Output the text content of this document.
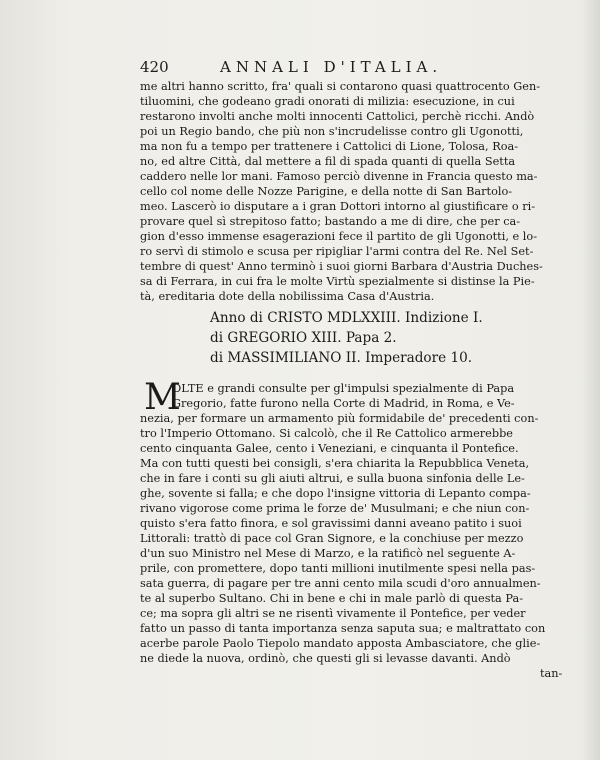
420	ANNALI D'ITALIA.
me altri hanno scritto, fra' quali si contarono quasi quattrocento Gen-
tiluomini, che godeano gradi onorati di milizia: esecuzione, in cui
restarono involti anche molti innocenti Cattolici, perchè ricchi. Andò
poi un Regio bando, che più non s'incrudelisse contro gli Ugonotti,
ma non fu a tempo per trattenere i Cattolici di Lione, Tolosa, Roa-
no, ed altre Città, dal mettere a fil di spada quanti di quella Setta
caddero nelle lor mani. Famoso perciò divenne in Francia questo ma-
cello col nome delle Nozze Parigine, e della notte di San Bartolo-
meo. Lascerò io disputare a i gran Dottori intorno al giustificare o ri-
provare quel sì strepitoso fatto; bastando a me di dire, che per ca-
gion d'esso immense esagerazioni fece il partito de gli Ugonotti, e lo-
ro servì di stimolo e scusa per ripigliar l'armi contra del Re. Nel Set-
tembre di quest' Anno terminò i suoi giorni Barbara d'Austria Duches-
sa di Ferrara, in cui fra le molte Virtù spezialmente si distinse la Pie-
tà, ereditaria dote della nobilissima Casa d'Austria.
Anno di CRISTO MDLXXIII. Indizione I.
di GREGORIO XIII. Papa 2.
di MASSIMILIANO II. Imperadore 10.
M
OLTE e grandi consulte per gl'impulsi spezialmente di Papa
Gregorio, fatte furono nella Corte di Madrid, in Roma, e Ve-
nezia, per formare un armamento più formidabile de' precedenti con-
tro l'Imperio Ottomano. Si calcolò, che il Re Cattolico armerebbe
cento cinquanta Galee, cento i Veneziani, e cinquanta il Pontefice.
Ma con tutti questi bei consigli, s'era chiarita la Repubblica Veneta,
che in fare i conti su gli aiuti altrui, e sulla buona sinfonia delle Le-
ghe, sovente si falla; e che dopo l'insigne vittoria di Lepanto compa-
rivano vigorose come prima le forze de' Musulmani; e che niun con-
quisto s'era fatto finora, e sol gravissimi danni aveano patito i suoi
Littorali: trattò di pace col Gran Signore, e la conchiuse per mezzo
d'un suo Ministro nel Mese di Marzo, e la ratificò nel seguente A-
prile, con promettere, dopo tanti millioni inutilmente spesi nella pas-
sata guerra, di pagare per tre anni cento mila scudi d'oro annualmen-
te al superbo Sultano. Chi in bene e chi in male parlò di questa Pa-
ce; ma sopra gli altri se ne risentì vivamente il Pontefice, per veder
fatto un passo di tanta importanza senza saputa sua; e maltrattato con
acerbe parole Paolo Tiepolo mandato apposta Ambasciatore, che glie-
ne diede la nuova, ordinò, che questi gli si levasse davanti. Andò
tan-
